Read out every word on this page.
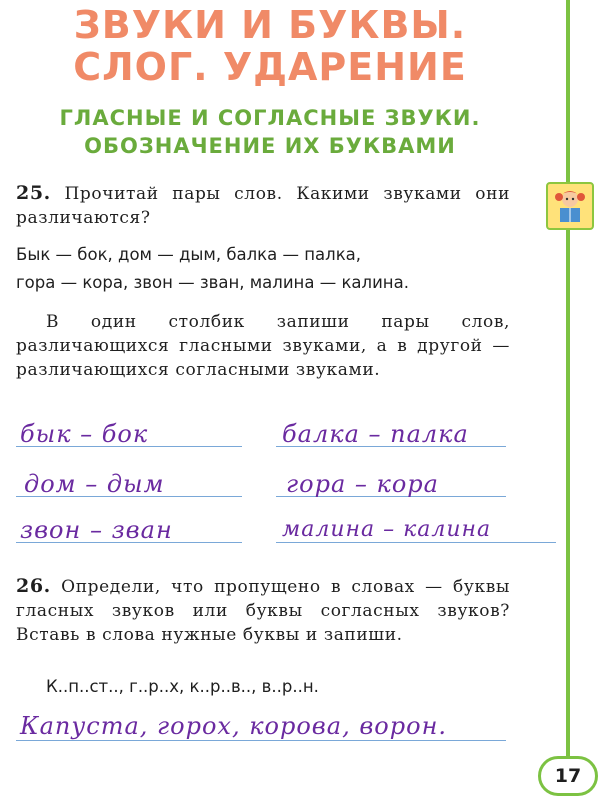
ЗВУКИ И БУКВЫ.
СЛОГ. УДАРЕНИЕ
ГЛАСНЫЕ И СОГЛАСНЫЕ ЗВУКИ.
ОБОЗНАЧЕНИЕ ИХ БУКВАМИ
25. Прочитай пары слов. Какими звуками они различаются?
Бык — бок, дом — дым, балка — палка,
гора — кора, звон — зван, малина — калина.
В один столбик запиши пары слов, различающихся гласными звуками, а в другой — различающихся согласными звуками.
бык – бок	балка – палка
дом – дым	гора – кора
звон – зван	малина – калина
26. Определи, что пропущено в словах — буквы гласных звуков или буквы согласных звуков? Вставь в слова нужные буквы и запиши.
К..п..ст.., г..р..х, к..р..в.., в..р..н.
Капуста, горох, корова, ворон.
17
